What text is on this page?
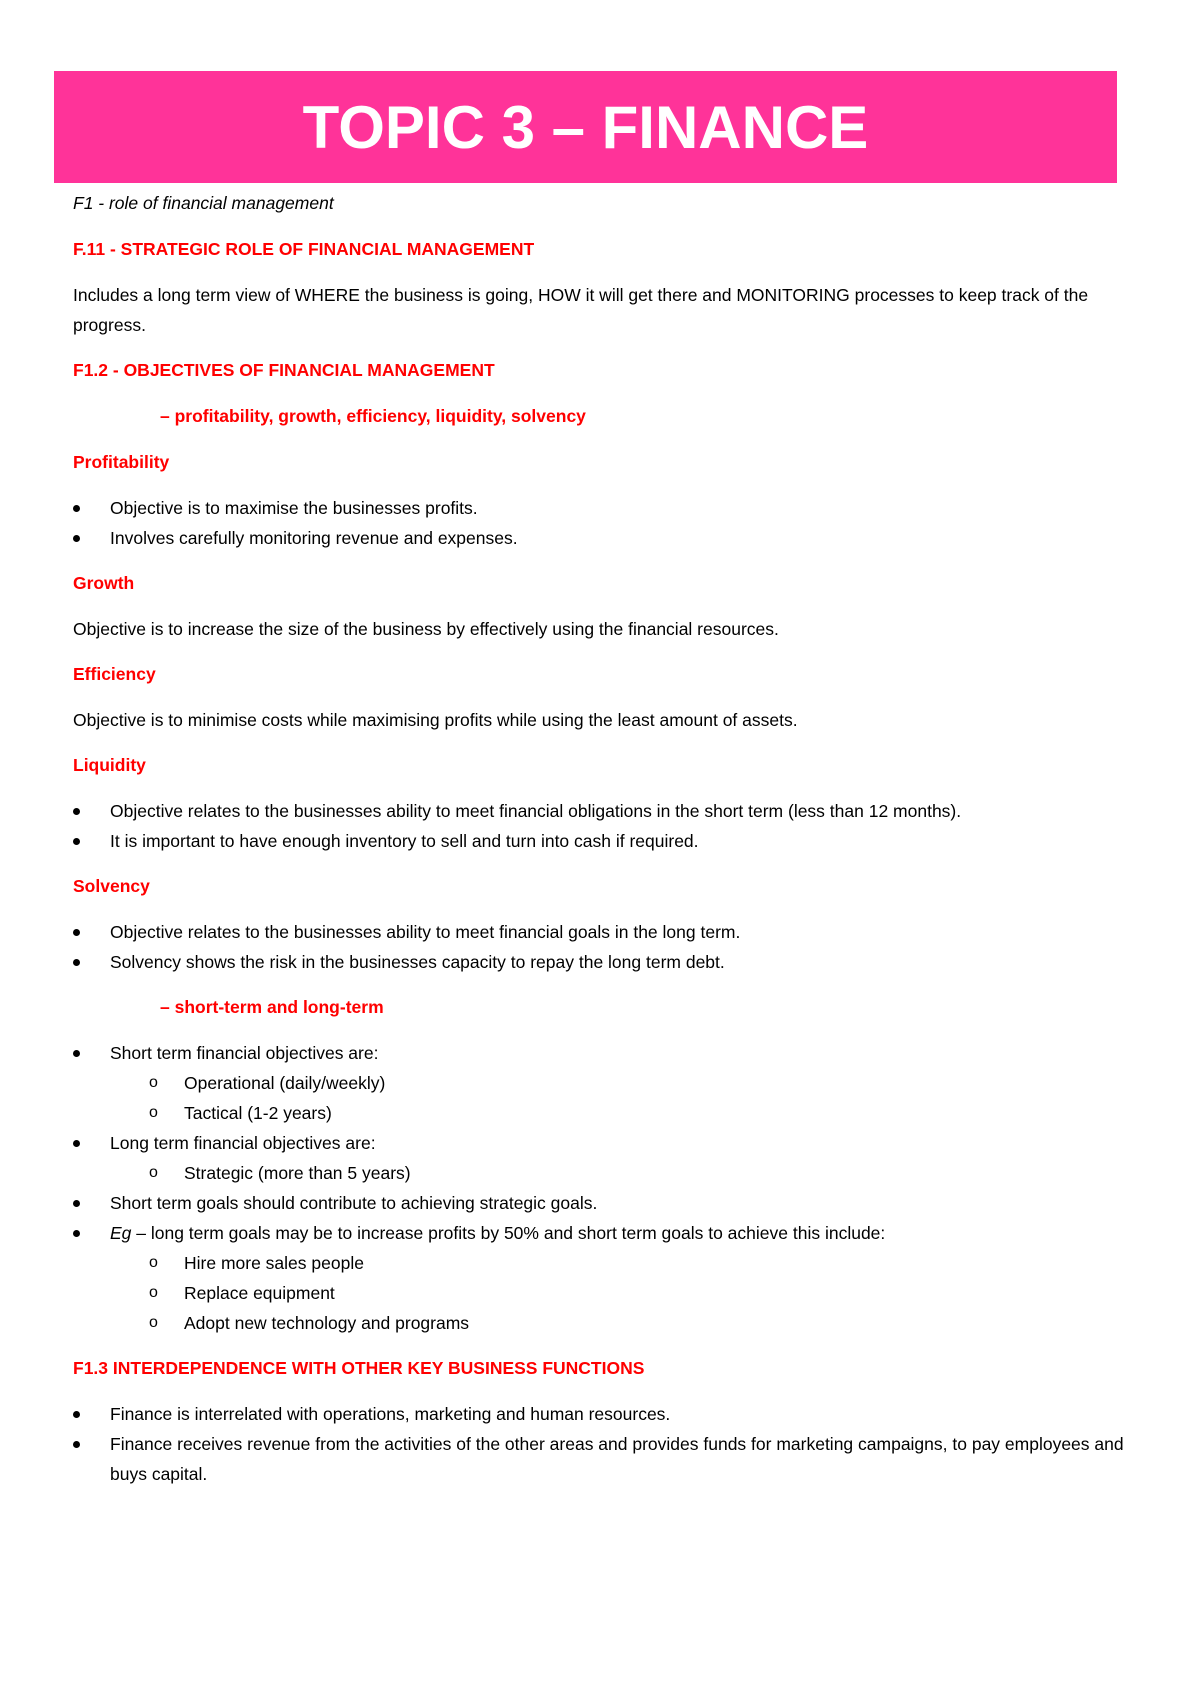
TOPIC 3 – FINANCE
F1 - role of financial management
F.11 - STRATEGIC ROLE OF FINANCIAL MANAGEMENT

Includes a long term view of WHERE the business is going, HOW it will get there and MONITORING processes to keep track of the progress.

F1.2 - OBJECTIVES OF FINANCIAL MANAGEMENT
– profitability, growth, efficiency, liquidity, solvency
Profitability
Objective is to maximise the businesses profits.
Involves carefully monitoring revenue and expenses.
Growth

Objective is to increase the size of the business by effectively using the financial resources.

Efficiency

Objective is to minimise costs while maximising profits while using the least amount of assets.

Liquidity
Objective relates to the businesses ability to meet financial obligations in the short term (less than 12 months).
It is important to have enough inventory to sell and turn into cash if required.
Solvency
Objective relates to the businesses ability to meet financial goals in the long term.
Solvency shows the risk in the businesses capacity to repay the long term debt.
– short-term and long-term
Short term financial objectives are:
o Operational (daily/weekly)
o Tactical (1-2 years)
Long term financial objectives are:
o Strategic (more than 5 years)
Short term goals should contribute to achieving strategic goals.
Eg – long term goals may be to increase profits by 50% and short term goals to achieve this include:
o Hire more sales people
o Replace equipment
o Adopt new technology and programs
F1.3 INTERDEPENDENCE WITH OTHER KEY BUSINESS FUNCTIONS
Finance is interrelated with operations, marketing and human resources.
Finance receives revenue from the activities of the other areas and provides funds for marketing campaigns, to pay employees and buys capital.
